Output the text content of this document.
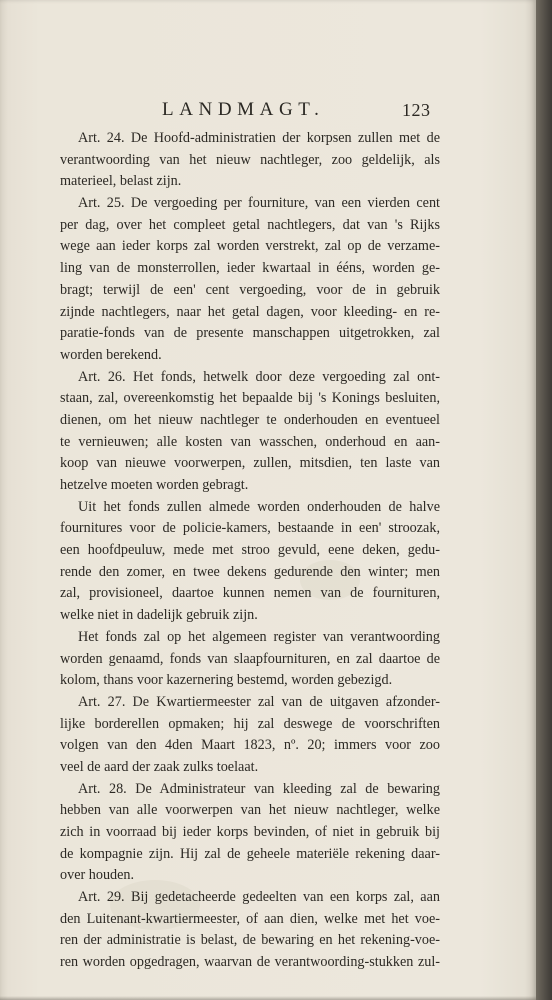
LANDMAGT.	123
Art. 24. De Hoofd-administratien der korpsen zullen met de
verantwoording van het nieuw nachtleger, zoo geldelijk, als
materieel, belast zijn.
Art. 25. De vergoeding per fourniture, van een vierden cent
per dag, over het compleet getal nachtlegers, dat van 's Rijks
wege aan ieder korps zal worden verstrekt, zal op de verzame-
ling van de monsterrollen, ieder kwartaal in ééns, worden ge-
bragt; terwijl de een' cent vergoeding, voor de in gebruik
zijnde nachtlegers, naar het getal dagen, voor kleeding- en re-
paratie-fonds van de presente manschappen uitgetrokken, zal
worden berekend.
Art. 26. Het fonds, hetwelk door deze vergoeding zal ont-
staan, zal, overeenkomstig het bepaalde bij 's Konings besluiten,
dienen, om het nieuw nachtleger te onderhouden en eventueel
te vernieuwen; alle kosten van wasschen, onderhoud en aan-
koop van nieuwe voorwerpen, zullen, mitsdien, ten laste van
hetzelve moeten worden gebragt.
Uit het fonds zullen almede worden onderhouden de halve
fournitures voor de policie-kamers, bestaande in een' stroozak,
een hoofdpeuluw, mede met stroo gevuld, eene deken, gedu-
rende den zomer, en twee dekens gedurende den winter; men
zal, provisioneel, daartoe kunnen nemen van de fournituren,
welke niet in dadelijk gebruik zijn.
Het fonds zal op het algemeen register van verantwoording
worden genaamd, fonds van slaapfournituren, en zal daartoe de
kolom, thans voor kazernering bestemd, worden gebezigd.
Art. 27. De Kwartiermeester zal van de uitgaven afzonder-
lijke borderellen opmaken; hij zal deswege de voorschriften
volgen van den 4den Maart 1823, nº. 20; immers voor zoo
veel de aard der zaak zulks toelaat.
Art. 28. De Administrateur van kleeding zal de bewaring
hebben van alle voorwerpen van het nieuw nachtleger, welke
zich in voorraad bij ieder korps bevinden, of niet in gebruik bij
de kompagnie zijn. Hij zal de geheele materiële rekening daar-
over houden.
Art. 29. Bij gedetacheerde gedeelten van een korps zal, aan
den Luitenant-kwartiermeester, of aan dien, welke met het voe-
ren der administratie is belast, de bewaring en het rekening-voe-
ren worden opgedragen, waarvan de verantwoording-stukken zul-
